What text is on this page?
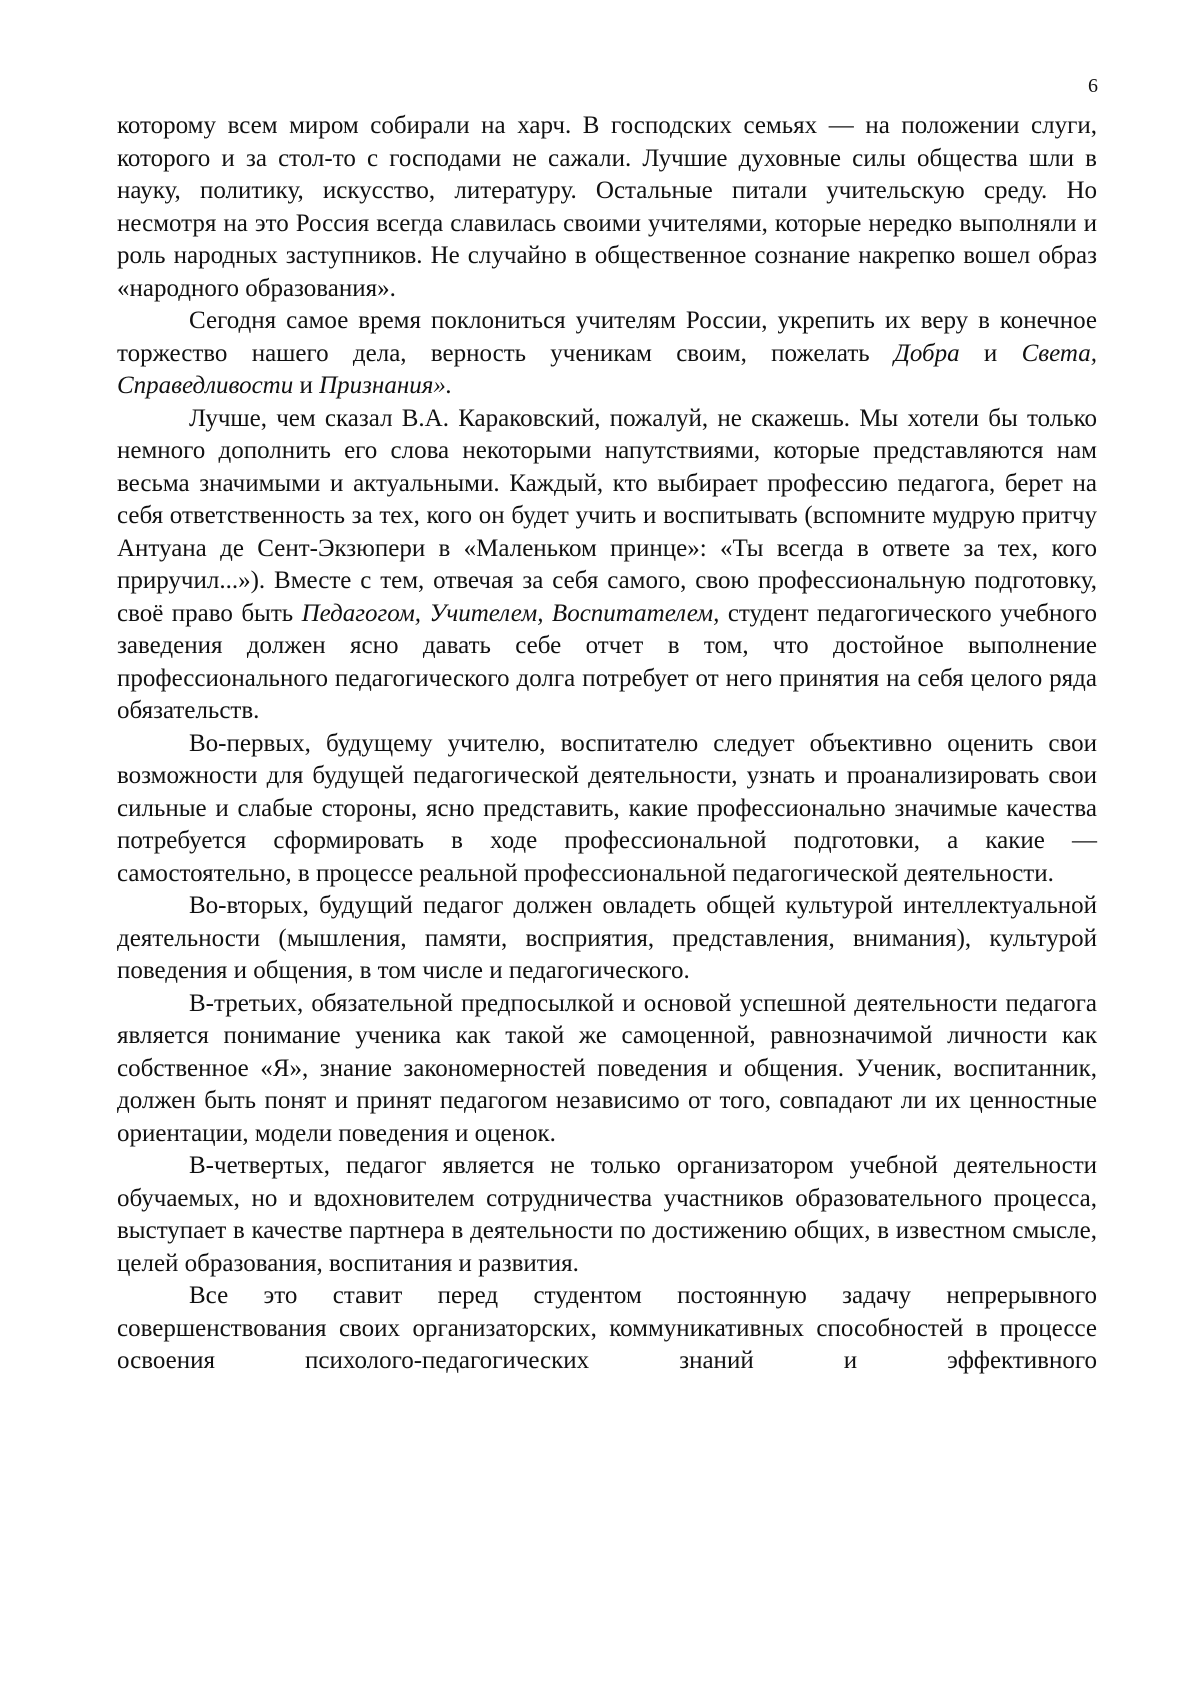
6

которому всем миром собирали на харч. В господских семьях — на положении слуги, которого и за стол-то с господами не сажали. Лучшие духовные силы общества шли в науку, политику, искусство, литературу. Остальные питали учительскую среду. Но несмотря на это Россия всегда славилась своими учителями, которые нередко выполняли и роль народных заступников. Не случайно в общественное сознание накрепко вошел образ «народного образования».

Сегодня самое время поклониться учителям России, укрепить их веру в конечное торжество нашего дела, верность ученикам своим, пожелать Добра и Света, Справедливости и Признания».

Лучше, чем сказал В.А. Караковский, пожалуй, не скажешь. Мы хотели бы только немного дополнить его слова некоторыми напутствиями, которые представляются нам весьма значимыми и актуальными. Каждый, кто выбирает профессию педагога, берет на себя ответственность за тех, кого он будет учить и воспитывать (вспомните мудрую притчу Антуана де Сент-Экзюпери в «Маленьком принце»: «Ты всегда в ответе за тех, кого приручил...»). Вместе с тем, отвечая за себя самого, свою профессиональную подготовку, своё право быть Педагогом, Учителем, Воспитателем, студент педагогического учебного заведения должен ясно давать себе отчет в том, что достойное выполнение профессионального педагогического долга потребует от него принятия на себя целого ряда обязательств.

Во-первых, будущему учителю, воспитателю следует объективно оценить свои возможности для будущей педагогической деятельности, узнать и проанализировать свои сильные и слабые стороны, ясно представить, какие профессионально значимые качества потребуется сформировать в ходе профессиональной подготовки, а какие — самостоятельно, в процессе реальной профессиональной педагогической деятельности.

Во-вторых, будущий педагог должен овладеть общей культурой интеллектуальной деятельности (мышления, памяти, восприятия, представления, внимания), культурой поведения и общения, в том числе и педагогического.

В-третьих, обязательной предпосылкой и основой успешной деятельности педагога является понимание ученика как такой же самоценной, равнозначимой личности как собственное «Я», знание закономерностей поведения и общения. Ученик, воспитанник, должен быть понят и принят педагогом независимо от того, совпадают ли их ценностные ориентации, модели поведения и оценок.

В-четвертых, педагог является не только организатором учебной деятельности обучаемых, но и вдохновителем сотрудничества участников образовательного процесса, выступает в качестве партнера в деятельности по достижению общих, в известном смысле, целей образования, воспитания и развития.

Все это ставит перед студентом постоянную задачу непрерывного совершенствования своих организаторских, коммуникативных способностей в процессе освоения психолого-педагогических знаний и эффективного
